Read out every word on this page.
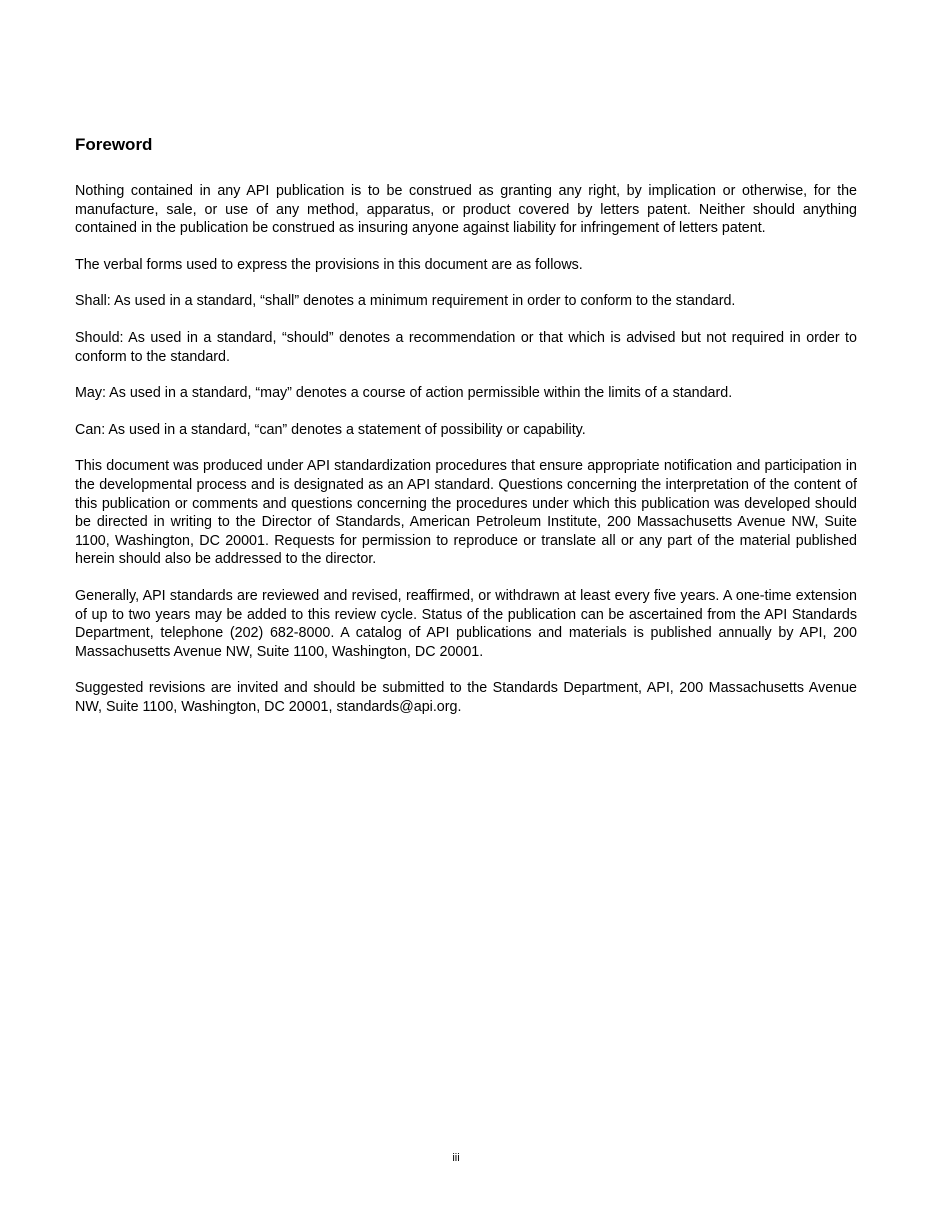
Foreword

Nothing contained in any API publication is to be construed as granting any right, by implication or otherwise, for the manufacture, sale, or use of any method, apparatus, or product covered by letters patent. Neither should anything contained in the publication be construed as insuring anyone against liability for infringement of letters patent.

The verbal forms used to express the provisions in this document are as follows.

Shall: As used in a standard, “shall” denotes a minimum requirement in order to conform to the standard.

Should: As used in a standard, “should” denotes a recommendation or that which is advised but not required in order to conform to the standard.

May: As used in a standard, “may” denotes a course of action permissible within the limits of a standard.

Can: As used in a standard, “can” denotes a statement of possibility or capability.

This document was produced under API standardization procedures that ensure appropriate notification and participation in the developmental process and is designated as an API standard. Questions concerning the interpretation of the content of this publication or comments and questions concerning the procedures under which this publication was developed should be directed in writing to the Director of Standards, American Petroleum Institute, 200 Massachusetts Avenue NW, Suite 1100, Washington, DC 20001. Requests for permission to reproduce or translate all or any part of the material published herein should also be addressed to the director.

Generally, API standards are reviewed and revised, reaffirmed, or withdrawn at least every five years. A one-time extension of up to two years may be added to this review cycle. Status of the publication can be ascertained from the API Standards Department, telephone (202) 682-8000. A catalog of API publications and materials is published annually by API, 200 Massachusetts Avenue NW, Suite 1100, Washington, DC 20001.

Suggested revisions are invited and should be submitted to the Standards Department, API, 200 Massachusetts Avenue NW, Suite 1100, Washington, DC 20001, standards@api.org.

iii
